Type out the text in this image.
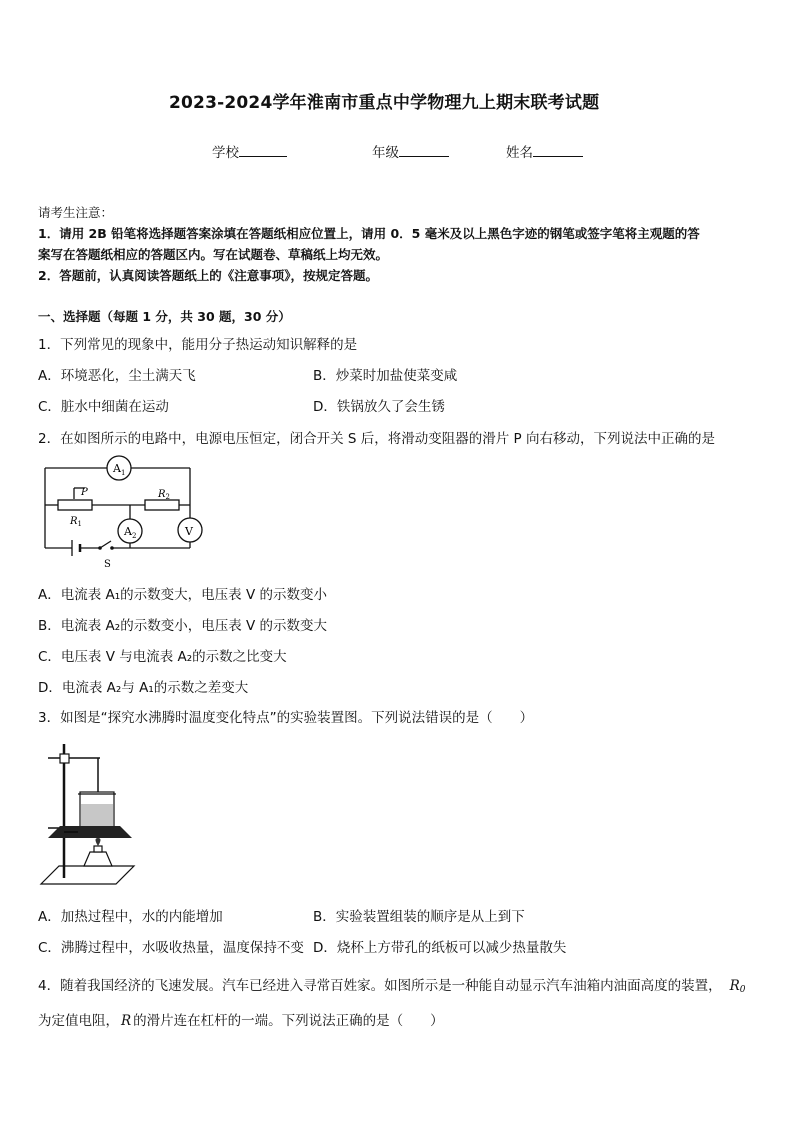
2023-2024学年淮南市重点中学物理九上期末联考试题
学校	年级	姓名
请考生注意：
1．请用 2B 铅笔将选择题答案涂填在答题纸相应位置上，请用 0．5 毫米及以上黑色字迹的钢笔或签字笔将主观题的答
案写在答题纸相应的答题区内。写在试题卷、草稿纸上均无效。
2．答题前，认真阅读答题纸上的《注意事项》，按规定答题。
一、选择题（每题 1 分，共 30 题，30 分）
1．下列常见的现象中，能用分子热运动知识解释的是
A．环境恶化，尘土满天飞	B．炒菜时加盐使菜变咸
C．脏水中细菌在运动	D．铁锅放久了会生锈
2．在如图所示的电路中，电源电压恒定，闭合开关 S 后，将滑动变阻器的滑片 P 向右移动，下列说法中正确的是
$A_1$
$A_2$	V
P
$R_1$
$R_2$
S
A．电流表 A₁的示数变大，电压表 V 的示数变小
B．电流表 A₂的示数变小，电压表 V 的示数变大
C．电压表 V 与电流表 A₂的示数之比变大
D．电流表 A₂与 A₁的示数之差变大
3．如图是“探究水沸腾时温度变化特点”的实验装置图。下列说法错误的是（　　）
A．加热过程中，水的内能增加	B．实验装置组装的顺序是从上到下
C．沸腾过程中，水吸收热量，温度保持不变 D．烧杯上方带孔的纸板可以减少热量散失
4．随着我国经济的飞速发展。汽车已经进入寻常百姓家。如图所示是一种能自动显示汽车油箱内油面高度的装置， $R_0$
为定值电阻， R 的滑片连在杠杆的一端。下列说法正确的是（　　）
